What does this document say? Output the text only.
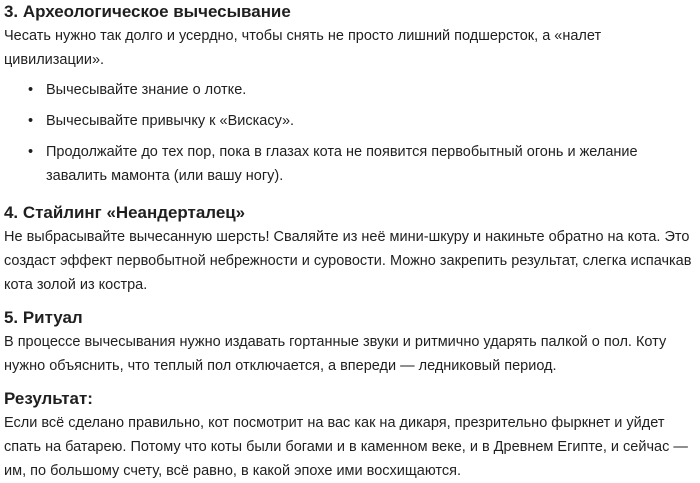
3. Археологическое вычесывание

Чесать нужно так долго и усердно, чтобы снять не просто лишний подшерсток, а «налет цивилизации».

• Вычесывайте знание о лотке.
• Вычесывайте привычку к «Вискасу».
• Продолжайте до тех пор, пока в глазах кота не появится первобытный огонь и желание завалить мамонта (или вашу ногу).
4. Стайлинг «Неандерталец»

Не выбрасывайте вычесанную шерсть! Сваляйте из неё мини-шкуру и накиньте обратно на кота. Это создаст эффект первобытной небрежности и суровости. Можно закрепить результат, слегка испачкав кота золой из костра.

5. Ритуал

В процессе вычесывания нужно издавать гортанные звуки и ритмично ударять палкой о пол. Коту нужно объяснить, что теплый пол отключается, а впереди — ледниковый период.

Результат:

Если всё сделано правильно, кот посмотрит на вас как на дикаря, презрительно фыркнет и уйдет спать на батарею. Потому что коты были богами и в каменном веке, и в Древнем Египте, и сейчас — им, по большому счету, всё равно, в какой эпохе ими восхищаются.
